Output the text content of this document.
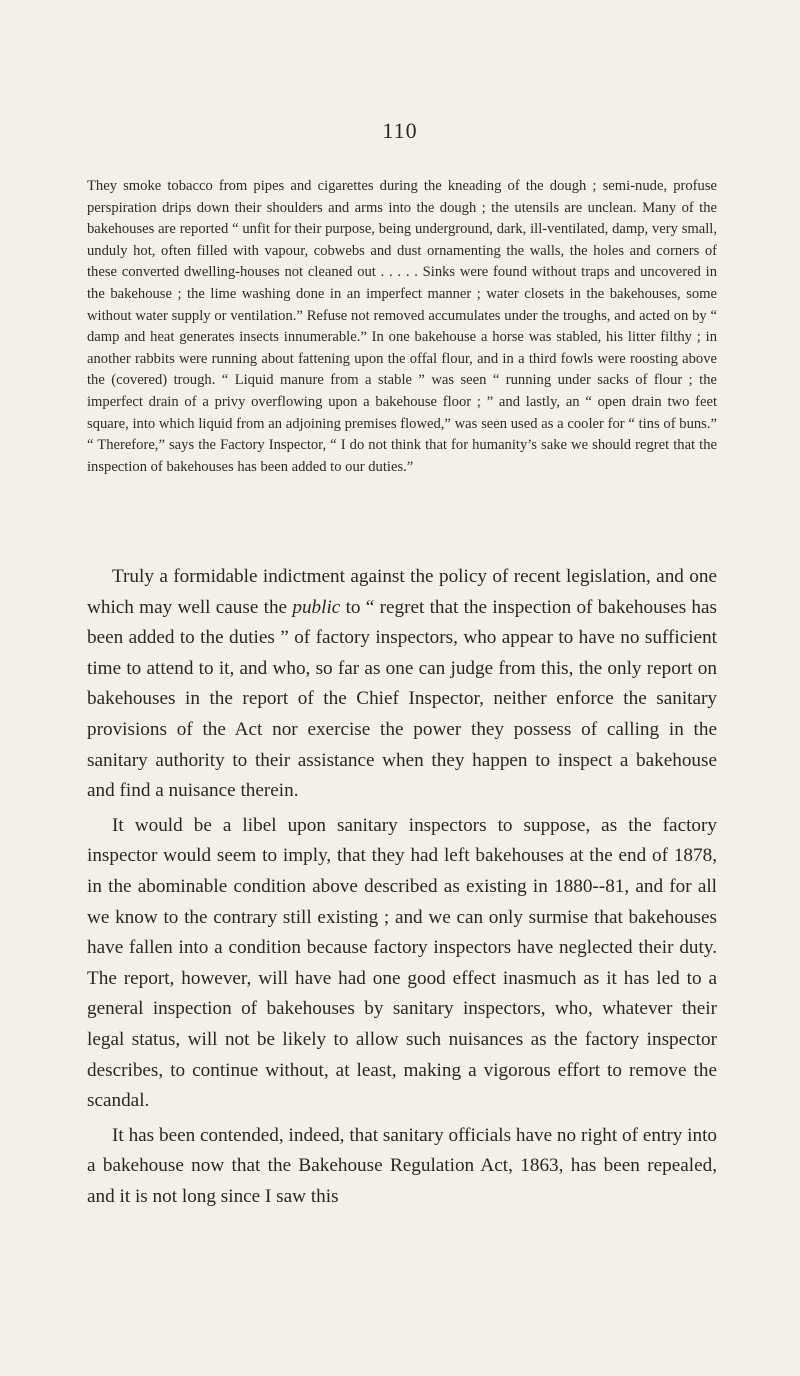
110

They smoke tobacco from pipes and cigarettes during the kneading of the dough ; semi-nude, profuse perspiration drips down their shoulders and arms into the dough ; the utensils are unclean. Many of the bakehouses are reported “ unfit for their purpose, being underground, dark, ill-ventilated, damp, very small, unduly hot, often filled with vapour, cobwebs and dust ornamenting the walls, the holes and corners of these converted dwelling-houses not cleaned out . . . . . Sinks were found without traps and uncovered in the bakehouse ; the lime washing done in an imperfect manner ; water closets in the bakehouses, some without water supply or ventilation.” Refuse not removed accumulates under the troughs, and acted on by “ damp and heat generates insects innumerable.” In one bakehouse a horse was stabled, his litter filthy ; in another rabbits were running about fattening upon the offal flour, and in a third fowls were roosting above the (covered) trough. “ Liquid manure from a stable ” was seen “ running under sacks of flour ; the imperfect drain of a privy overflowing upon a bakehouse floor ; ” and lastly, an “ open drain two feet square, into which liquid from an adjoining premises flowed,” was seen used as a cooler for “ tins of buns.” “ Therefore,” says the Factory Inspector, “ I do not think that for humanity’s sake we should regret that the inspection of bakehouses has been added to our duties.”

Truly a formidable indictment against the policy of recent legislation, and one which may well cause the public to “ regret that the inspection of bakehouses has been added to the duties ” of factory inspectors, who appear to have no sufficient time to attend to it, and who, so far as one can judge from this, the only report on bakehouses in the report of the Chief Inspector, neither enforce the sanitary provisions of the Act nor exercise the power they possess of calling in the sanitary authority to their assistance when they happen to inspect a bakehouse and find a nuisance therein.

It would be a libel upon sanitary inspectors to suppose, as the factory inspector would seem to imply, that they had left bakehouses at the end of 1878, in the abominable condition above described as existing in 1880--81, and for all we know to the contrary still existing ; and we can only surmise that bakehouses have fallen into a condition because factory inspectors have neglected their duty. The report, however, will have had one good effect inasmuch as it has led to a general inspection of bakehouses by sanitary inspectors, who, whatever their legal status, will not be likely to allow such nuisances as the factory inspector describes, to continue without, at least, making a vigorous effort to remove the scandal.

It has been contended, indeed, that sanitary officials have no right of entry into a bakehouse now that the Bakehouse Regulation Act, 1863, has been repealed, and it is not long since I saw this
